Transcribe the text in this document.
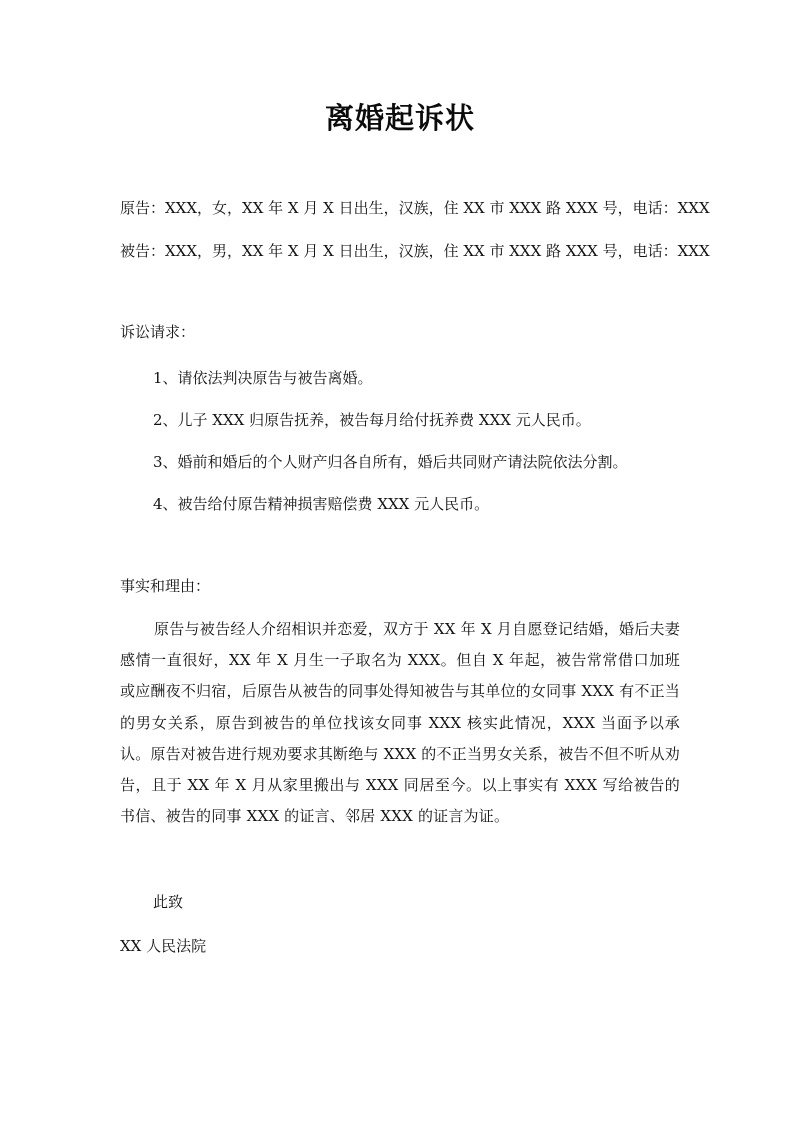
离婚起诉状
原告：XXX，女，XX 年 X 月 X 日出生，汉族，住 XX 市 XXX 路 XXX 号，电话：XXX
被告：XXX，男，XX 年 X 月 X 日出生，汉族，住 XX 市 XXX 路 XXX 号，电话：XXX
诉讼请求：
1、请依法判决原告与被告离婚。
2、儿子 XXX 归原告抚养，被告每月给付抚养费 XXX 元人民币。
3、婚前和婚后的个人财产归各自所有，婚后共同财产请法院依法分割。
4、被告给付原告精神损害赔偿费 XXX 元人民币。
事实和理由：
原告与被告经人介绍相识并恋爱，双方于 XX 年 X 月自愿登记结婚，婚后夫妻感情一直很好，XX 年 X 月生一子取名为 XXX。但自 X 年起，被告常常借口加班或应酬夜不归宿，后原告从被告的同事处得知被告与其单位的女同事 XXX 有不正当的男女关系，原告到被告的单位找该女同事 XXX 核实此情况，XXX 当面予以承认。原告对被告进行规劝要求其断绝与 XXX 的不正当男女关系，被告不但不听从劝告，且于 XX 年 X 月从家里搬出与 XXX 同居至今。以上事实有 XXX 写给被告的书信、被告的同事 XXX 的证言、邻居 XXX 的证言为证。
此致
XX 人民法院
